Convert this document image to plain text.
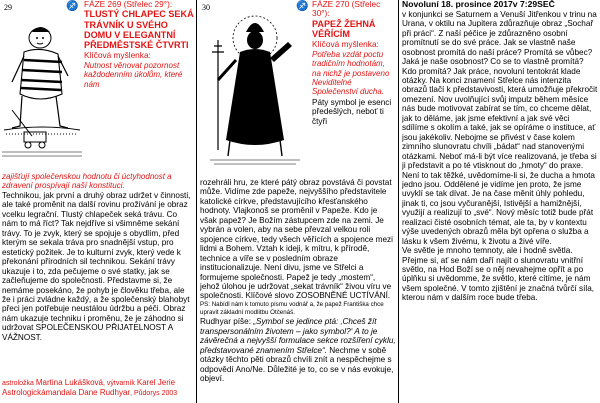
29	♐ FÁZE 269 (Střelec 29°):
TLUSTÝ CHLAPEC SEKÁ TRÁVNÍK U SVÉHO DOMU V ELEGANTNÍ PŘEDMĚSTSKÉ ČTVRTI
Klíčová myšlenka:
Nutnost věnovat pozornost každodenním úkolům, které nám
zajišťují společenskou hodnotu či úctyhodnost a zdravení prospívají naší konstituci.
Technikou, jak první a druhý obraz udržet v činnosti, ale také proměnit na další rovinu prožívání je obraz vcelku legrační. Tlustý chlapeček seká trávu. Co nám to má říct? Tak nejdříve si všimněme sekání trávy. To je zvyk, který se spojuje s obydlím, před kterým se sekala tráva pro snadnější vstup, pro estetický požitek. Je to kulturní zvyk, který vede k překonání přírodních sil technikou. Sekání trávy ukazuje i to, zda pečujeme o své statky, jak se začleňujeme do společnosti. Představme si, že nemáme posekáno, že pohyb je člověku třeba, ale že i práci zvládne každý, a že společenský blahobyt přeci jen potřebuje neustálou údržbu a péči. Obraz nám ukazuje techniku i proměnu, že je záhodno si udržovat SPOLEČENSKOU PŘIJATELNOST A VÁŽNOST.
astroložka Martina Lukášková, výtvarník Karel Jerie
Astrologickámandala Dane Rudhyar, Půdorys 2003
30	♐ FÁZE 270 (Střelec 30°):
PAPEŽ ŽEHNÁ VĚŘÍCÍM
Klíčová myšlenka:
Potřeba vzdát poctu tradičním hodnotám, na nichž je postaveno Neviditelné Společenství ducha.
Páty symbol je esenci předešlých, neboť ti čtyři
rozehráli hru, ze které pátý obraz povstává či povstat může. Vidíme zde papeže, nejvyššího představitele katolické církve, představujícího křesťanského hodnoty. Vlajkonoš se proměnil v Papeže. Kdo je však papež? Je Božím zástupcem zde na zemi. Je vybrán a volen, aby na sebe převzal velkou roli spojence církve, tedy všech věřících a spojence mezi lidmi a Bohem. Vztah k ideji, k mítru, k přírodě, technice a víře se v posledním obraze institucionalizuje. Není divu, jsme ve Střelci a formujeme společnosti. Papež je tedy „mostem“, jehož úlohou je udržovat „sekat trávník“ živou víru ve společnosti. Klíčové slovo ZOSOBNĚNÉ UCTÍVÁNÍ.
PS: Nabídl nám k tomuto písmu vodnář a, že papež Františka chce upravit základní modlitbu Otčenáš.
Rudhyar píše: „Symbol se jedince ptá: ‚Chceš žít transpersonálním životem – jako symbol?‘ A to je závěrečná a nejvyšší formulace sekce rozšíření cyklu, představované znamením Střelce“. Nechme v sobě otázky těchto pěti obrazů chvíli znít a nespěchejme s odpovědí Ano/Ne. Důležité je to, co se v nás evokuje, objeví.
Novoluní 18. prosince 2017v 7:29SEČ
v konjunkci se Saturnem a Venuší Jitřenkou v trinu na Urana, v oktilu na Jupitera zdůrazňuje obraz „Sochař při práci“. Z naší péčice je zdůrazněno osobní promítnutí se do své práce. Jak se vlastně naše osobnost promítá do naší práce? Promítá se vůbec? Jaká je naše osobnost? Co se to vlastně promítá? Kdo promítá? Jak práce, novoluní tentokrát klade otázky. Na konci znamení Střelce nás intenzita obrazů tlačí k představivosti, která umožňuje překročit omezení. Nov uvolňující svůj impulz během měsíce nás bude motivovat zabírat se tím, co chceme dělat, jak to děláme, jak jsme efektivní a jak své věci sdílíme s okolím a také, jak se opíráme o instituce, ať jsou jakékoliv. Nebojme se přivést v čase kolem zimního slunovratu chvíli „bádat“ nad stanovenými otázkami. Neboť má-li být více realizovaná, je třeba si ji představit a po té vtisknout do „hmoty“ do praxe. Není to tak těžké, uvědomíme-li si, že ducha a hmota jedno jsou. Oddělené je vidíme jen proto, že jsme uvyklí se tak dívat. Je na čase měnit úhly pohledu, jinak ti, co jsou vyčuranější, Istivější a hamižnější, využijí a realizují to „své“. Nový měsíc totiž bude přát realizaci čisté osobních témat, ale ta, by v kontextu výše uvedených obrazů měla být opřena o služba a lásku k všem živému, k životu a živé víře.
Ve světle je mnoho temnoty, ale i hodně světla. Přejme si, ať se nám daří najít o slunovratu vnitřní světlo, na Hod Boží se o něj nevahejme opřít a po úplňku si uvědomme, že světlo, které cítíme, je nám všem společné. V tomto zjištění je značná tvůrčí síla, kterou nám v dalším roce bude třeba.
